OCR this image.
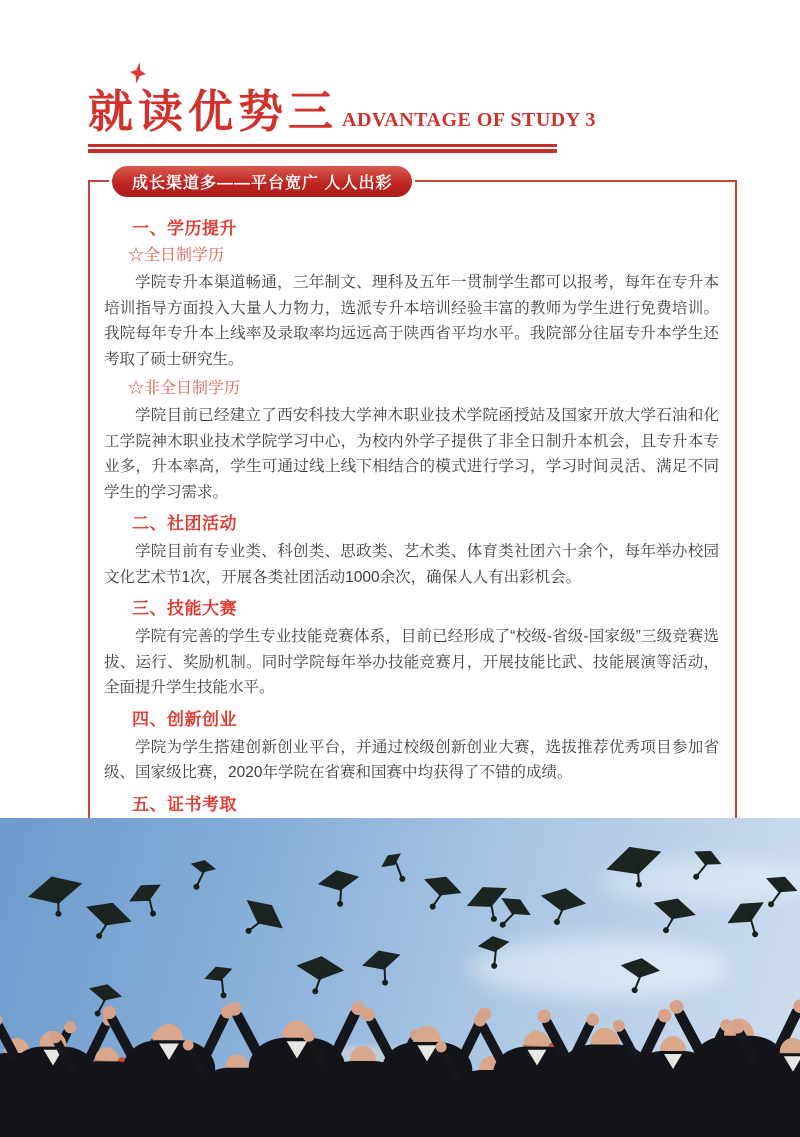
就读优势三 ADVANTAGE OF STUDY 3
成长渠道多——平台宽广 人人出彩
一、学历提升

☆全日制学历

学院专升本渠道畅通，三年制文、理科及五年一贯制学生都可以报考，每年在专升本培训指导方面投入大量人力物力，选派专升本培训经验丰富的教师为学生进行免费培训。我院每年专升本上线率及录取率均远远高于陕西省平均水平。我院部分往届专升本学生还考取了硕士研究生。

☆非全日制学历

学院目前已经建立了西安科技大学神木职业技术学院函授站及国家开放大学石油和化工学院神木职业技术学院学习中心，为校内外学子提供了非全日制升本机会，且专升本专业多，升本率高，学生可通过线上线下相结合的模式进行学习，学习时间灵活、满足不同学生的学习需求。

二、社团活动

学院目前有专业类、科创类、思政类、艺术类、体育类社团六十余个，每年举办校园文化艺术节1次，开展各类社团活动1000余次，确保人人有出彩机会。

三、技能大赛

学院有完善的学生专业技能竞赛体系，目前已经形成了“校级-省级-国家级”三级竞赛选拔、运行、奖励机制。同时学院每年举办技能竞赛月，开展技能比武、技能展演等活动，全面提升学生技能水平。

四、创新创业

学院为学生搭建创新创业平台，并通过校级创新创业大赛，选拔推荐优秀项目参加省级、国家级比赛，2020年学院在省赛和国赛中均获得了不错的成绩。

五、证书考取
